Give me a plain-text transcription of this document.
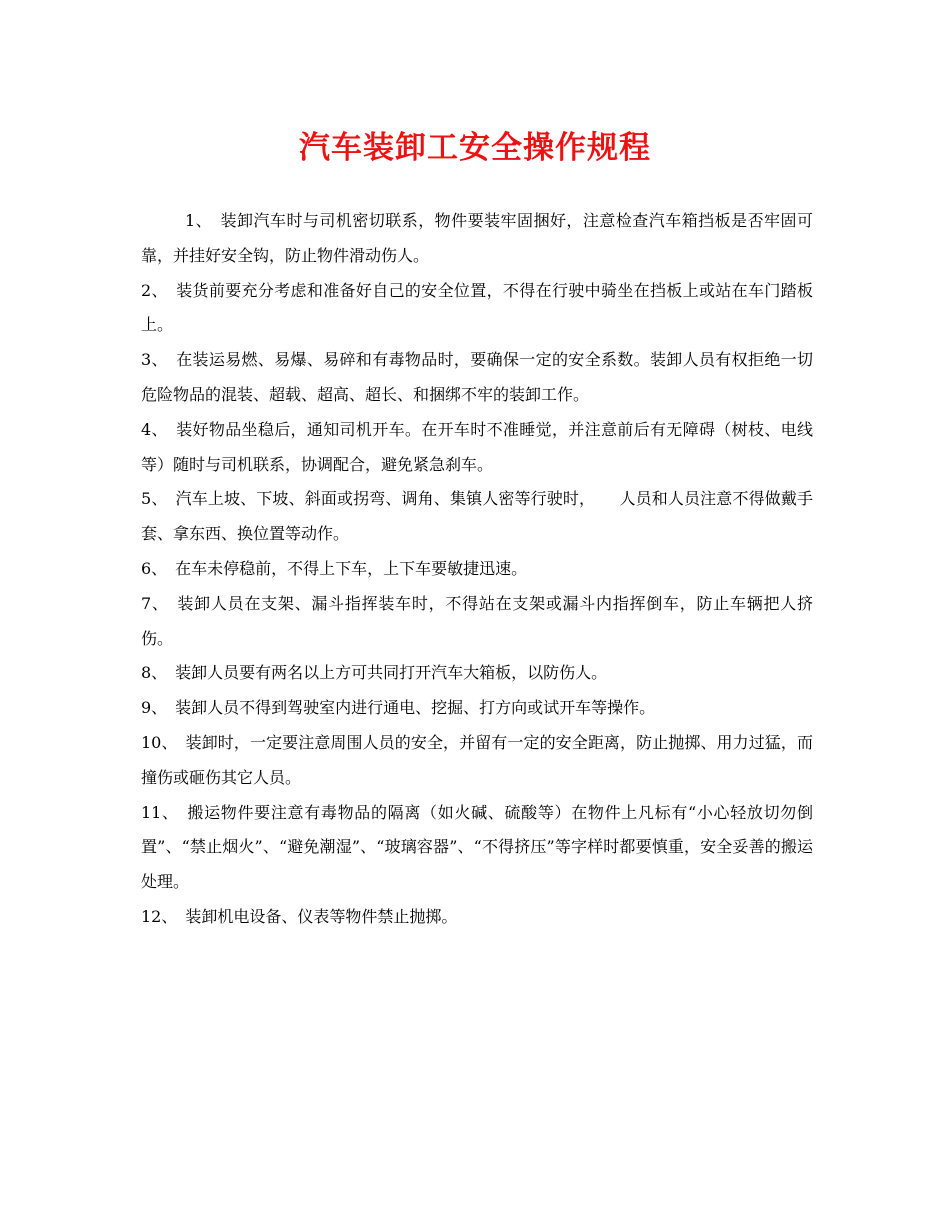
汽车装卸工安全操作规程

1、　装卸汽车时与司机密切联系，物件要装牢固捆好，注意检查汽车箱挡板是否牢固可靠，并挂好安全钩，防止物件滑动伤人。

2、　装货前要充分考虑和准备好自己的安全位置，不得在行驶中骑坐在挡板上或站在车门踏板上。

3、　在装运易燃、易爆、易碎和有毒物品时，要确保一定的安全系数。装卸人员有权拒绝一切危险物品的混装、超载、超高、超长、和捆绑不牢的装卸工作。

4、　装好物品坐稳后，通知司机开车。在开车时不准睡觉，并注意前后有无障碍（树枝、电线等）随时与司机联系，协调配合，避免紧急刹车。

5、　汽车上坡、下坡、斜面或拐弯、调角、集镇人密等行驶时，　　人员和人员注意不得做戴手套、拿东西、换位置等动作。

6、　在车未停稳前，不得上下车，上下车要敏捷迅速。

7、　装卸人员在支架、漏斗指挥装车时，不得站在支架或漏斗内指挥倒车，防止车辆把人挤伤。

8、　装卸人员要有两名以上方可共同打开汽车大箱板，以防伤人。

9、　装卸人员不得到驾驶室内进行通电、挖掘、打方向或试开车等操作。

10、　装卸时，一定要注意周围人员的安全，并留有一定的安全距离，防止抛掷、用力过猛，而撞伤或砸伤其它人员。

11、　搬运物件要注意有毒物品的隔离（如火碱、硫酸等）在物件上凡标有“小心轻放切勿倒置”、“禁止烟火”、“避免潮湿”、“玻璃容器”、“不得挤压”等字样时都要慎重，安全妥善的搬运处理。

12、　装卸机电设备、仪表等物件禁止抛掷。
